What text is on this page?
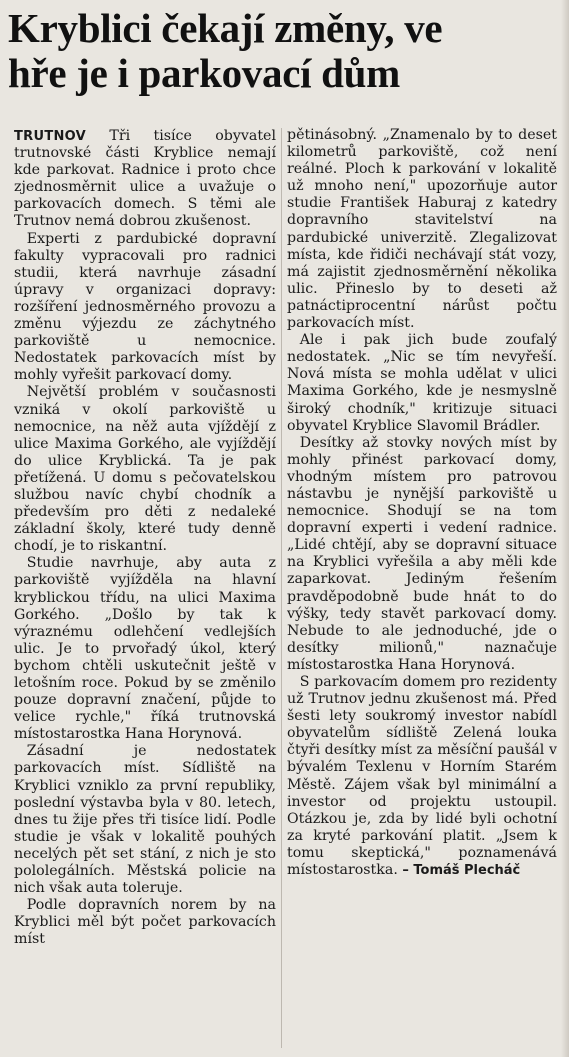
Kryblici čekají změny, ve
hře je i parkovací dům

TRUTNOV Tři tisíce obyvatel trutnovské části Kryblice nemají kde parkovat. Radnice i proto chce zjednosměrnit ulice a uvažuje o parkovacích domech. S těmi ale Trutnov nemá dobrou zkušenost.

Experti z pardubické dopravní fakulty vypracovali pro radnici studii, která navrhuje zásadní úpravy v organizaci dopravy: rozšíření jednosměrného provozu a změnu výjezdu ze záchytného parkoviště u nemocnice. Nedostatek parkovacích míst by mohly vyřešit parkovací domy.

Největší problém v současnosti vzniká v okolí parkoviště u nemocnice, na něž auta vjíždějí z ulice Maxima Gorkého, ale vyjíždějí do ulice Kryblická. Ta je pak přetížená. U domu s pečovatelskou službou navíc chybí chodník a především pro děti z nedaleké základní školy, které tudy denně chodí, je to riskantní.

Studie navrhuje, aby auta z parkoviště vyjížděla na hlavní kryblickou třídu, na ulici Maxima Gorkého. „Došlo by tak k výraznému odlehčení vedlejších ulic. Je to prvořadý úkol, který bychom chtěli uskutečnit ještě v letošním roce. Pokud by se změnilo pouze dopravní značení, půjde to velice rychle," říká trutnovská místostarostka Hana Horynová.

Zásadní je nedostatek parkovacích míst. Sídliště na Kryblici vzniklo za první republiky, poslední výstavba byla v 80. letech, dnes tu žije přes tři tisíce lidí. Podle studie je však v lokalitě pouhých necelých pět set stání, z nich je sto pololegálních. Městská policie na nich však auta toleruje.

Podle dopravních norem by na Kryblici měl být počet parkovacích míst

pětinásobný. „Znamenalo by to deset kilometrů parkoviště, což není reálné. Ploch k parkování v lokalitě už mnoho není," upozorňuje autor studie František Haburaj z katedry dopravního stavitelství na pardubické univerzitě. Zlegalizovat místa, kde řidiči nechávají stát vozy, má zajistit zjednosměrnění několika ulic. Přineslo by to deseti až patnáctiprocentní nárůst počtu parkovacích míst.

Ale i pak jich bude zoufalý nedostatek. „Nic se tím nevyřeší. Nová místa se mohla udělat v ulici Maxima Gorkého, kde je nesmyslně široký chodník," kritizuje situaci obyvatel Kryblice Slavomil Brádler.

Desítky až stovky nových míst by mohly přinést parkovací domy, vhodným místem pro patrovou nástavbu je nynější parkoviště u nemocnice. Shodují se na tom dopravní experti i vedení radnice. „Lidé chtějí, aby se dopravní situace na Kryblici vyřešila a aby měli kde zaparkovat. Jediným řešením pravděpodobně bude hnát to do výšky, tedy stavět parkovací domy. Nebude to ale jednoduché, jde o desítky milionů," naznačuje místostarostka Hana Horynová.

S parkovacím domem pro rezidenty už Trutnov jednu zkušenost má. Před šesti lety soukromý investor nabídl obyvatelům sídliště Zelená louka čtyři desítky míst za měsíční paušál v bývalém Texlenu v Horním Starém Městě. Zájem však byl minimální a investor od projektu ustoupil. Otázkou je, zda by lidé byli ochotní za kryté parkování platit. „Jsem k tomu skeptická," poznamenává místostarostka. – Tomáš Plecháč
